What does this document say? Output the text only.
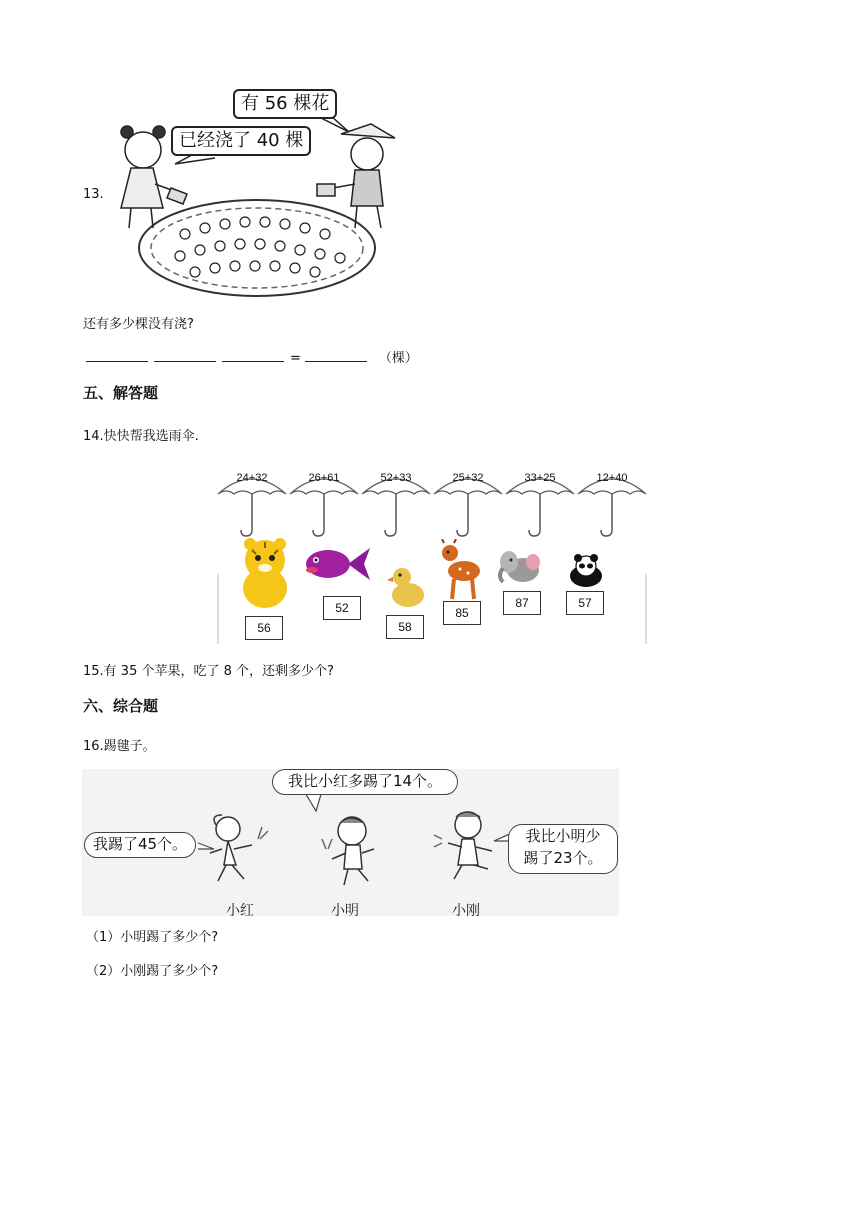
13.
有 56 棵花
已经浇了 40 棵
还有多少棵没有浇?
=	（棵）
五、解答题
14.快快帮我选雨伞.
24+32	26+61	52+33	25+32	33+25	12+40
56
52
58
85
87	57
15.有 35 个苹果，吃了 8 个，还剩多少个?
六、综合题
16.踢毽子。
我踢了45个。
我比小红多踢了14个。
我比小明少
踢了23个。
小红	小明	小刚
（1）小明踢了多少个?
（2）小刚踢了多少个?
